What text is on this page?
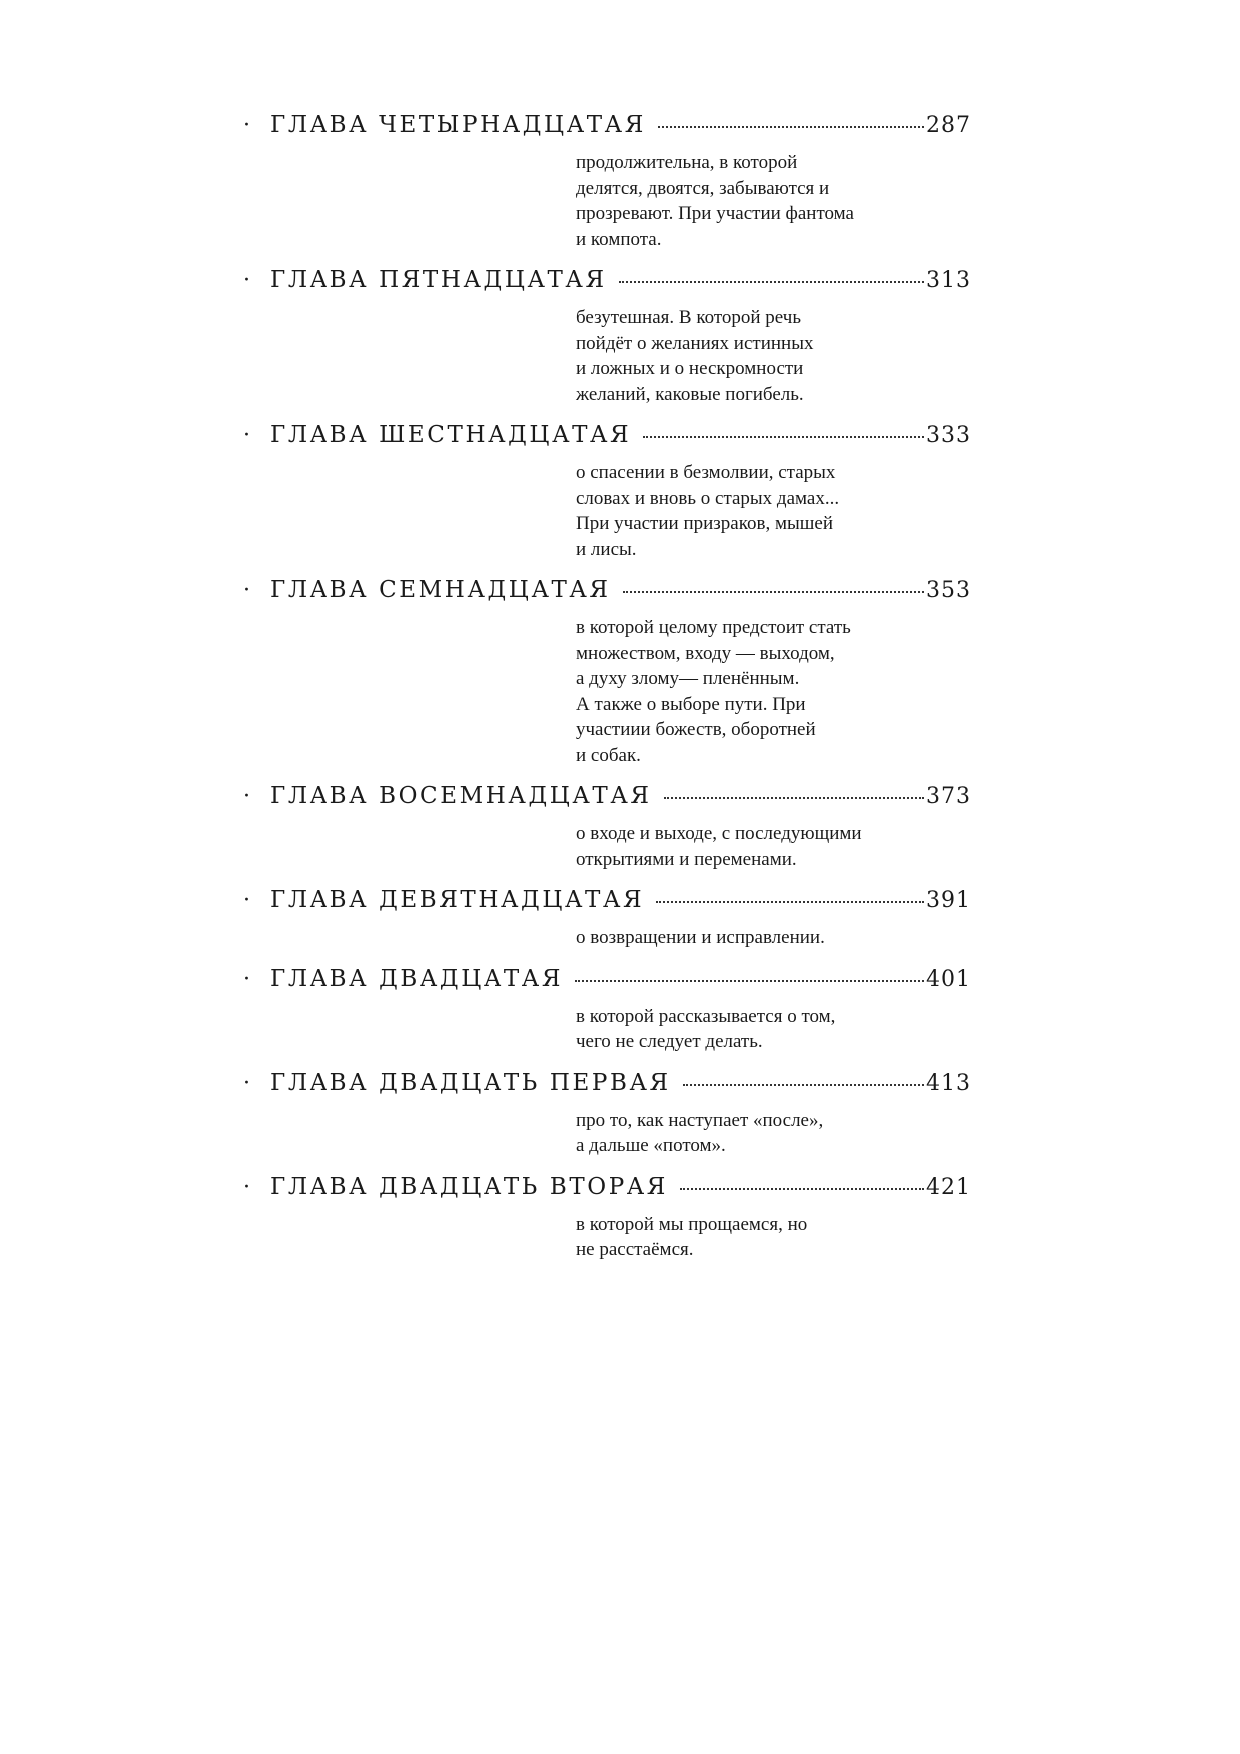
· ГЛАВА ЧЕТЫРНАДЦАТАЯ	287
продолжительна, в которой
делятся, двоятся, забываются и
прозревают. При участии фантома
и компота.
· ГЛАВА ПЯТНАДЦАТАЯ	313
безутешная. В которой речь
пойдёт о желаниях истинных
и ложных и о нескромности
желаний, каковые погибель.
· ГЛАВА ШЕСТНАДЦАТАЯ	333
о спасении в безмолвии, старых
словах и вновь о старых дамах...
При участии призраков, мышей
и лисы.
· ГЛАВА СЕМНАДЦАТАЯ	353
в которой целому предстоит стать
множеством, входу — выходом,
а духу злому— пленённым.
А также о выборе пути. При
участиии божеств, оборотней
и собак.
· ГЛАВА ВОСЕМНАДЦАТАЯ	373
о входе и выходе, с последующими
открытиями и переменами.
· ГЛАВА ДЕВЯТНАДЦАТАЯ	391
о возвращении и исправлении.
· ГЛАВА ДВАДЦАТАЯ	401
в которой рассказывается о том,
чего не следует делать.
· ГЛАВА ДВАДЦАТЬ ПЕРВАЯ	413
про то, как наступает «после»,
а дальше «потом».
· ГЛАВА ДВАДЦАТЬ ВТОРАЯ	421
в которой мы прощаемся, но
не расстаёмся.
